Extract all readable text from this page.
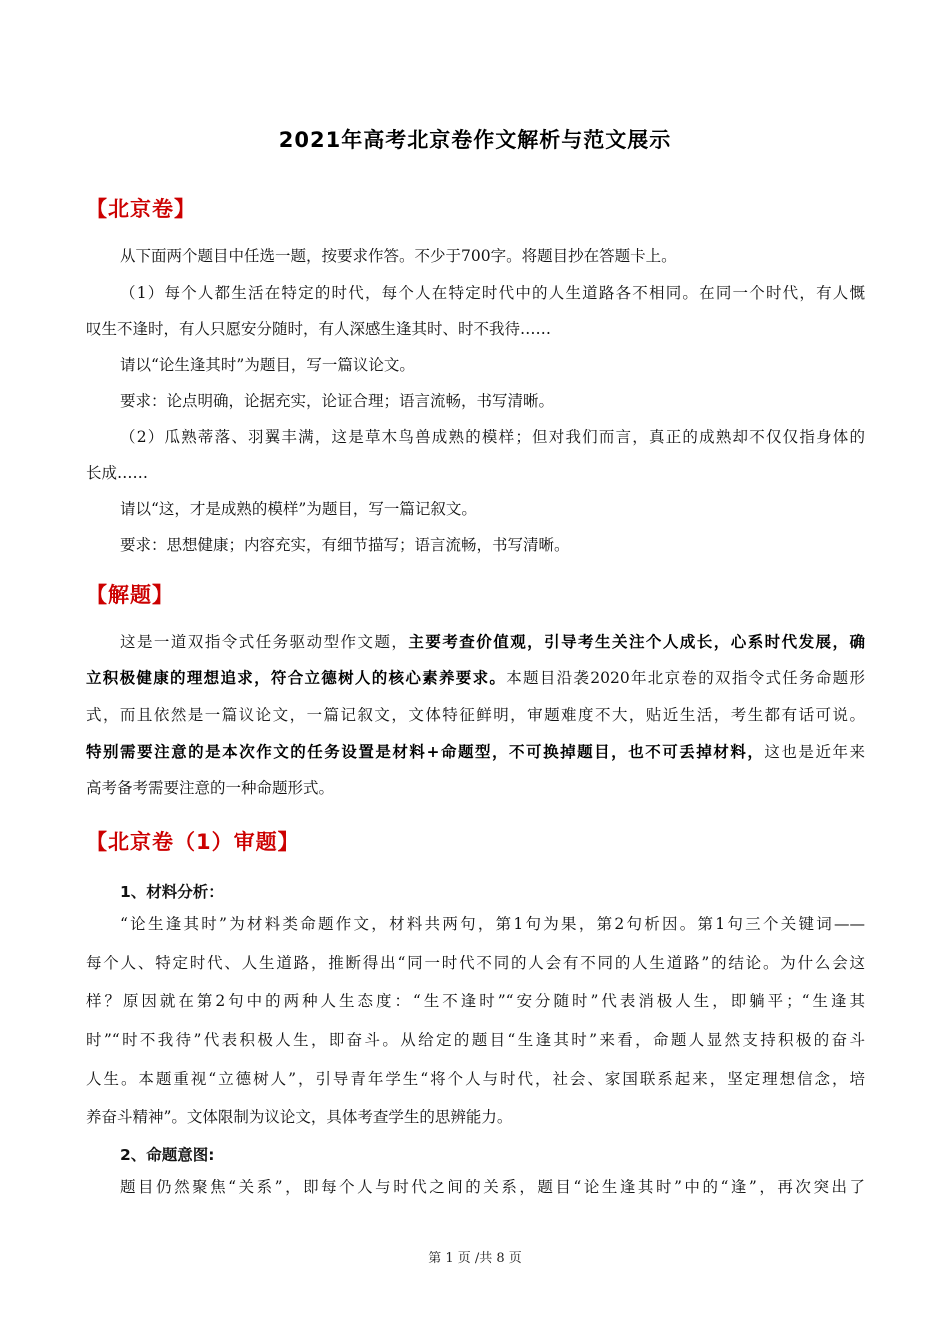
2021年高考北京卷作文解析与范文展示
【北京卷】
从下面两个题目中任选一题，按要求作答。不少于700字。将题目抄在答题卡上。
（1）每个人都生活在特定的时代，每个人在特定时代中的人生道路各不相同。在同一个时代，有人慨
叹生不逢时，有人只愿安分随时，有人深感生逢其时、时不我待……
请以“论生逢其时”为题目，写一篇议论文。
要求：论点明确，论据充实，论证合理；语言流畅，书写清晰。
（2）瓜熟蒂落、羽翼丰满，这是草木鸟兽成熟的模样；但对我们而言，真正的成熟却不仅仅指身体的
长成……
请以“这，才是成熟的模样”为题目，写一篇记叙文。
要求：思想健康；内容充实，有细节描写；语言流畅，书写清晰。
【解题】
这是一道双指令式任务驱动型作文题，主要考查价值观，引导考生关注个人成长，心系时代发展，确
立积极健康的理想追求，符合立德树人的核心素养要求。本题目沿袭2020年北京卷的双指令式任务命题形
式，而且依然是一篇议论文，一篇记叙文，文体特征鲜明，审题难度不大，贴近生活，考生都有话可说。
特别需要注意的是本次作文的任务设置是材料+命题型，不可换掉题目，也不可丢掉材料，这也是近年来
高考备考需要注意的一种命题形式。
【北京卷（1）审题】
1、材料分析：
“论生逢其时”为材料类命题作文，材料共两句，第1句为果，第2句析因。第1句三个关键词——
每个人、特定时代、人生道路，推断得出“同一时代不同的人会有不同的人生道路”的结论。为什么会这
样？原因就在第2句中的两种人生态度：“生不逢时”“安分随时”代表消极人生，即躺平；“生逢其
时”“时不我待”代表积极人生，即奋斗。从给定的题目“生逢其时”来看，命题人显然支持积极的奋斗
人生。本题重视“立德树人”，引导青年学生“将个人与时代，社会、家国联系起来，坚定理想信念，培
养奋斗精神”。文体限制为议论文，具体考查学生的思辨能力。
2、命题意图:
题目仍然聚焦“关系”，即每个人与时代之间的关系，题目“论生逢其时”中的“逢”，再次突出了
第 1 页 /共 8 页
